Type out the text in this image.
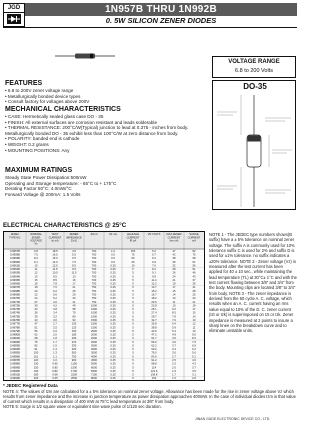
JGD	1N957B THRU 1N992B
0. 5W SILICON ZENER DIODES
FEATURES
• 6.8 to 200V zener voltage range
• Metallurgically bonded device types
• Consult factory for voltages above 200V
MECHANICAL CHARACTERISTICS
• CASE: Hermetically sealed glass case DO - 35
• FINISH: All external surfaces are corrosion resistant and leads solderable
• THERMAL RESISTANCE: 200°C/W(Typical) junction to lead at 0.375 - inches from body. Metallurgically bonded DO - 35 exhibit less than 100°C/W at zero distance from body.
• POLARITY: banded end is cathode
• WEIGHT: 0.2 grams
• MOUNTING POSITIONS: Any
MAXIMUM RATINGS
Steady State Power Dissipation:500mW
Operating and Storage temperature: - 65°C to + 175°C
Derating Factor 50°C: 4.0mW/°C
Forward Voltage @ 200mA: 1.5 Volts
VOLTAGE RANGE
6.8 to 200 Volts
DO-35
ELECTRICAL CHARACTERISTICS @ 25°C
JEDEC
TYPE NO.
NOMINAL
ZENER
VOLTAGE
Vz
TEST
CURRENT
Izt mA
ZENER
IMPEDANCE
Zzt Ω
Zzk Ω	Izk mA	LEAKAGE
CURRENT
IR μA
VR VOLTS MAX ZENER
CURRENT
Izm mA
SURGE
CURRENT
mA
1N957B	6.8	18.5	4.5	700	1.0	150	5.2	47	82
1N958B	7.5	16.5	5.5	700	0.5	75	5.7	42	75
1N959B	8.2	15.0	6.5	700	0.5	50	6.2	38	68
1N960B	9.1	14.0	7.5	700	0.5	25	6.9	35	61
1N961B	10	12.5	8.5	700	0.25	10	7.6	32	56
1N962B	11	11.5	9.5	700	0.25	5	8.4	28	51
1N963B	12	10.5	11.5	700	0.25	5	9.1	26	46
1N964B	13	9.5	13	700	0.25	5	9.9	24	43
1N965B	15	8.5	16	700	0.25	5	11.4	21	37
1N966B	16	7.8	17	700	0.25	5	12.2	19	35
1N967B	18	7.0	21	750	0.25	5	13.7	17	31
1N968B	20	6.2	25	750	0.25	5	15.2	15	28
1N969B	22	5.6	29	750	0.25	5	16.7	14	25
1N970B	24	5.2	33	750	0.25	5	18.2	13	23
1N971B	27	4.6	41	750	0.25	5	20.6	11	21
1N972B	30	4.2	49	1000	0.25	5	22.8	10	19
1N973B	33	3.8	58	1000	0.25	5	25.1	9.2	17
1N974B	36	3.4	70	1000	0.25	5	27.4	8.5	15
1N975B	39	3.2	80	1000	0.25	5	29.7	7.8	14
1N976B	43	3.0	93	1500	0.25	5	32.7	7.0	13
1N977B	47	2.7	105	1500	0.25	5	35.8	6.4	12
1N978B	51	2.5	125	1500	0.25	5	38.8	5.9	11
1N979B	56	2.2	150	2000	0.25	5	42.6	5.4	10
1N980B	62	2.0	185	2000	0.25	5	47.1	4.9	9.0
1N981B	68	1.8	230	2000	0.25	5	51.7	4.5	8.3
1N982B	75	1.7	270	2000	0.25	5	56.0	4.0	7.5
1N983B	82	1.5	330	3000	0.25	5	62.2	3.7	6.9
1N984B	91	1.4	400	3000	0.25	5	69.2	3.3	6.2
1N985B	100	1.3	500	3000	0.25	5	76.0	3.0	5.6
1N986B	110	1.1	750	4000	0.25	5	83.6	2.7	5.1
1N987B	120	1.0	900	4500	0.25	5	91.2	2.5	4.6
1N988B	130	0.95	1100	5000	0.25	5	98.8	2.3	4.3
1N989B	150	0.85	1500	6000	0.25	5	114	2.0	3.7
1N990B	160	0.80	1700	6500	0.25	5	121.6	1.9	3.5
1N991B	180	0.68	2200	7100	0.25	5	136.8	1.7	3.1
1N992B	200	0.65	2500	8000	0.25	5	152	1.5	2.8
NOTE 1 - The JEDEC type numbers shown(B suffix) have a ± 5% tolerance on nominal zener voltage. The suffix A is commonly used for 10% tolerance suffix C is used for 2% and suffix D is used for ±1% tolerance. no suffix indicates a ±20% tolerance. NOTE 2 - Zener voltage (Vz) is measured after the test current has been applied for 40 ± 10 sec., while maintaining the lead temperature (TL) at 30°C± 1°C and with the test current flowing between 3/8" and 3/4" from the body. Mounting clips are located 3/8" to 3/4" from body. NOTE 3 - The zener impedance is derived from the 60 cycle A. C. voltage, which results when an A. C. current having an rms value equal to 10% of the D. C. zener current (Izt or Izk) is superimposed on Izt or Izk. Zener impedance is measured at 2 points to insure a sharp knee on the breakdown curve and to eliminate unstable units.
* JEDEC Registered Data
NOTE 4: The values of Izm are calculated for a ± 5% tolerance on nominal zener voltage. Allowance has been made for the rise in zener voltage above Vz which results from zener impedance and the increase in junction temperature as power dissipation approaches 400mW. In the case of individual diodes Izm is that value of current which results in a dissipation of 400 mW at 75°C lead temperature at 3/8" from body.
NOTE 5: Surge is 1/2 square wave or equivalent sine wave pulse of 1/120 sec duration.
JINAN GUDE ELECTRONIC DEVICE CO., LTD.
